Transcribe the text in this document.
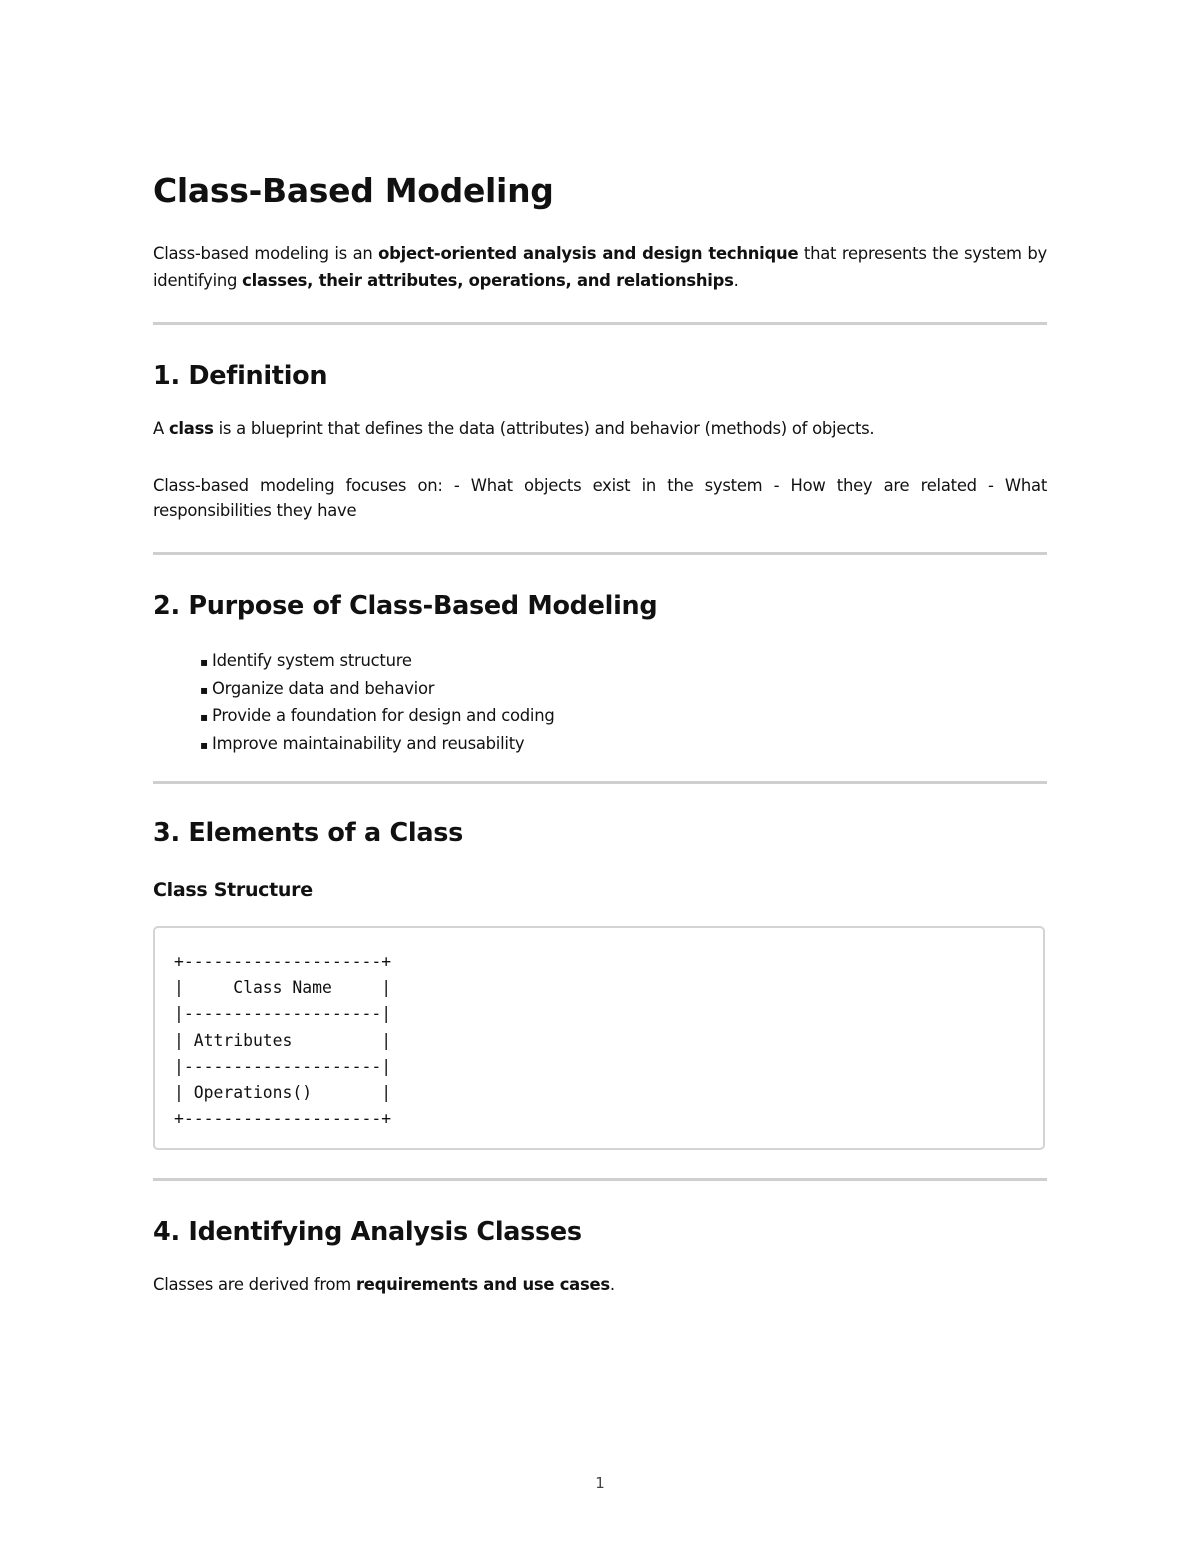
Class-Based Modeling

Class-based modeling is an object-oriented analysis and design technique that represents the system by identifying classes, their attributes, operations, and relationships.

1. Definition

A class is a blueprint that defines the data (attributes) and behavior (methods) of objects.

Class-based modeling focuses on: - What objects exist in the system - How they are related - What responsibilities they have

2. Purpose of Class-Based Modeling
▪ Identify system structure
▪ Organize data and behavior
▪ Provide a foundation for design and coding
▪ Improve maintainability and reusability
3. Elements of a Class
Class Structure
+--------------------+
|     Class Name     |
|--------------------|
| Attributes         |
|--------------------|
| Operations()       |
+--------------------+
4. Identifying Analysis Classes

Classes are derived from requirements and use cases.

1
